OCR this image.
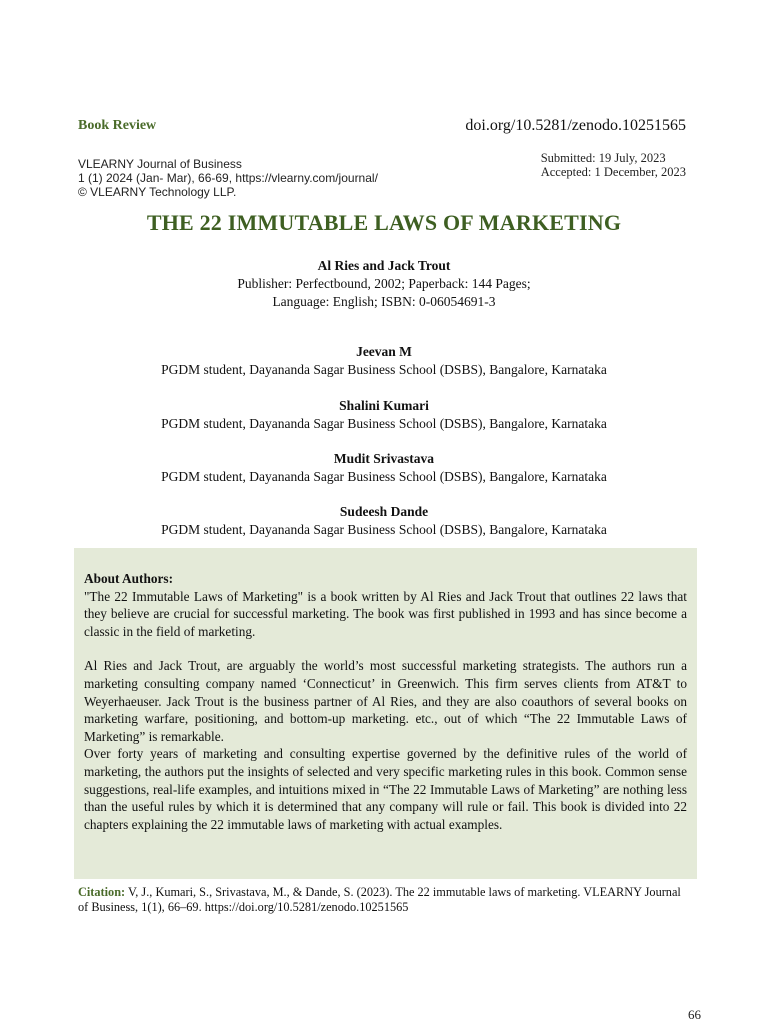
Book Review	doi.org/10.5281/zenodo.10251565
VLEARNY Journal of Business
1 (1) 2024 (Jan- Mar), 66-69, https://vlearny.com/journal/
© VLEARNY Technology LLP.
Submitted: 19 July, 2023
Accepted: 1 December, 2023
THE 22 IMMUTABLE LAWS OF MARKETING
Al Ries and Jack Trout
Publisher: Perfectbound, 2002; Paperback: 144 Pages;
Language: English; ISBN: 0-06054691-3
Jeevan M
PGDM student, Dayananda Sagar Business School (DSBS), Bangalore, Karnataka
Shalini Kumari
PGDM student, Dayananda Sagar Business School (DSBS), Bangalore, Karnataka
Mudit Srivastava
PGDM student, Dayananda Sagar Business School (DSBS), Bangalore, Karnataka
Sudeesh Dande
PGDM student, Dayananda Sagar Business School (DSBS), Bangalore, Karnataka
About Authors:

"The 22 Immutable Laws of Marketing" is a book written by Al Ries and Jack Trout that outlines 22 laws that they believe are crucial for successful marketing. The book was first published in 1993 and has since become a classic in the field of marketing.

Al Ries and Jack Trout, are arguably the world’s most successful marketing strategists. The authors run a marketing consulting company named ‘Connecticut’ in Greenwich. This firm serves clients from AT&T to Weyerhaeuser. Jack Trout is the business partner of Al Ries, and they are also coauthors of several books on marketing warfare, positioning, and bottom-up marketing. etc., out of which “The 22 Immutable Laws of Marketing” is remarkable.

Over forty years of marketing and consulting expertise governed by the definitive rules of the world of marketing, the authors put the insights of selected and very specific marketing rules in this book. Common sense suggestions, real-life examples, and intuitions mixed in “The 22 Immutable Laws of Marketing” are nothing less than the useful rules by which it is determined that any company will rule or fail. This book is divided into 22 chapters explaining the 22 immutable laws of marketing with actual examples.

Citation: V, J., Kumari, S., Srivastava, M., & Dande, S. (2023). The 22 immutable laws of marketing. VLEARNY Journal of Business, 1(1), 66–69. https://doi.org/10.5281/zenodo.10251565
66
